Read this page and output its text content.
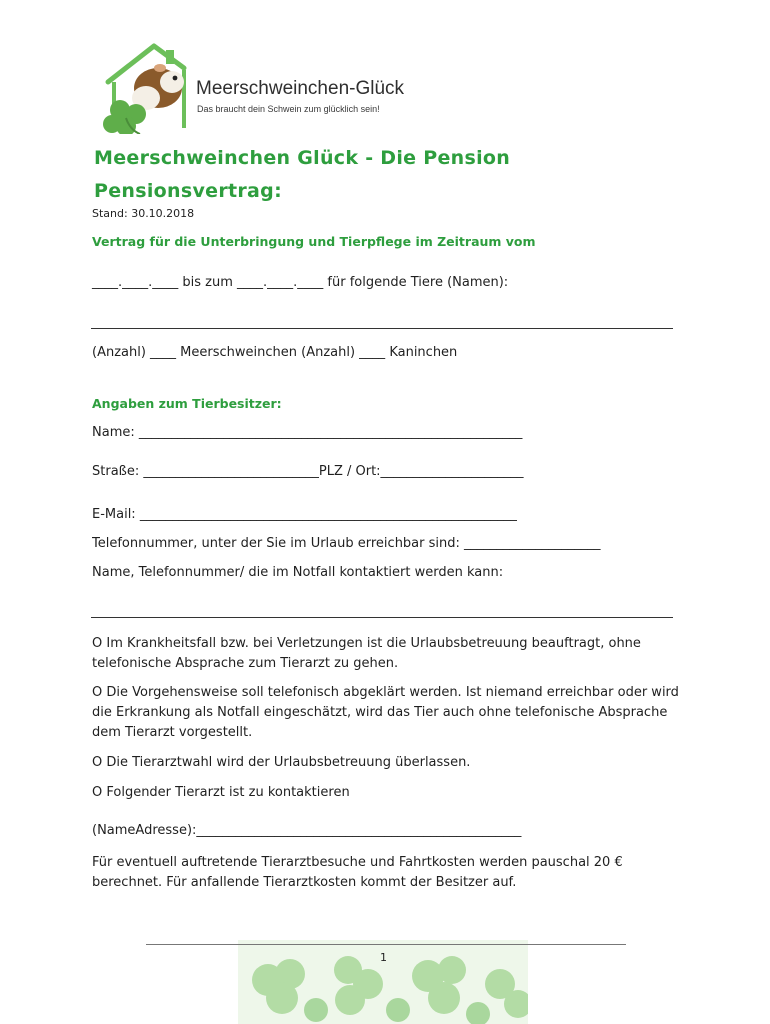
Meerschweinchen-Glück
Das braucht dein Schwein zum glücklich sein!
Meerschweinchen Glück - Die Pension
Pensionsvertrag:
Stand: 30.10.2018
Vertrag für die Unterbringung und Tierpflege im Zeitraum vom
____.____.____ bis zum ____.____.____ für folgende Tiere (Namen):
(Anzahl) ____ Meerschweinchen (Anzahl) ____ Kaninchen
Angaben zum Tierbesitzer:
Name: ___________________________________________________________
Straße: ___________________________PLZ / Ort:______________________
E-Mail: __________________________________________________________
Telefonnummer, unter der Sie im Urlaub erreichbar sind: _____________________
Name, Telefonnummer/ die im Notfall kontaktiert werden kann:
O Im Krankheitsfall bzw. bei Verletzungen ist die Urlaubsbetreuung beauftragt, ohne telefonische Absprache zum Tierarzt zu gehen.
O Die Vorgehensweise soll telefonisch abgeklärt werden. Ist niemand erreichbar oder wird die Erkrankung als Notfall eingeschätzt, wird das Tier auch ohne telefonische Absprache dem Tierarzt vorgestellt.
O Die Tierarztwahl wird der Urlaubsbetreuung überlassen.
O Folgender Tierarzt ist zu kontaktieren
(NameAdresse):__________________________________________________
Für eventuell auftretende Tierarztbesuche und Fahrtkosten werden pauschal 20 € berechnet. Für anfallende Tierarztkosten kommt der Besitzer auf.
1
